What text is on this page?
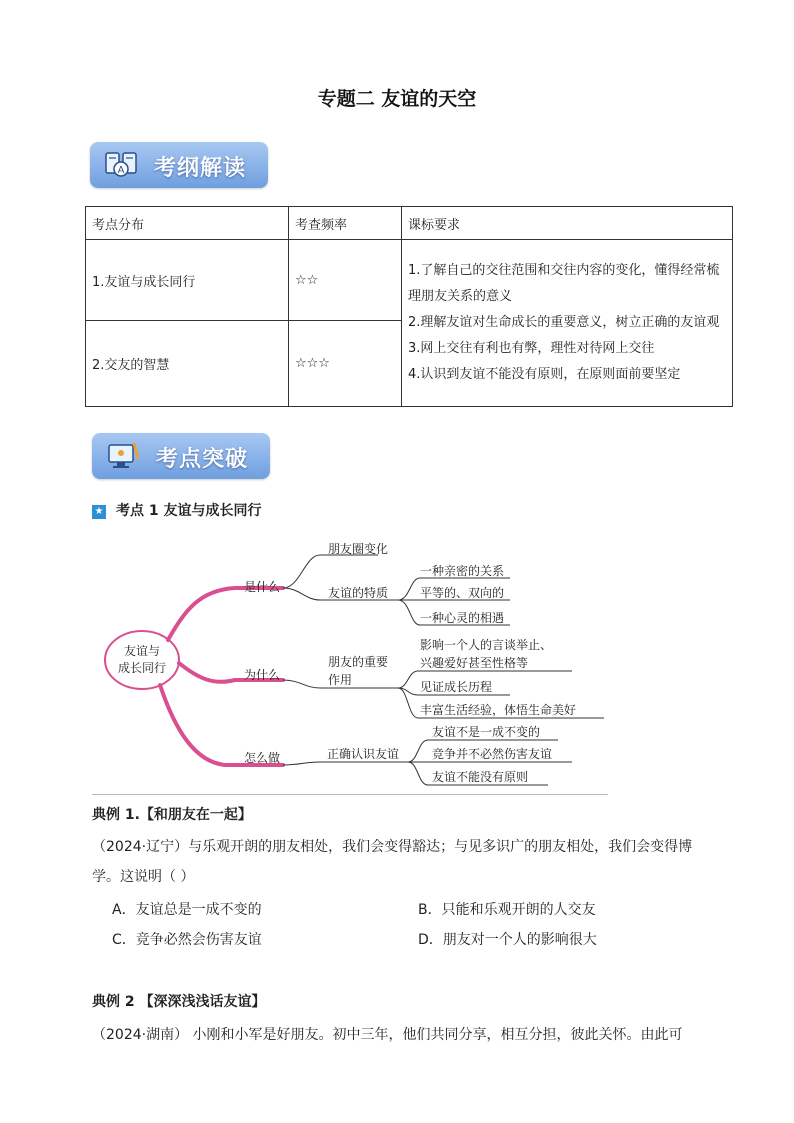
专题二 友谊的天空
A 考纲解读
考点分布	考查频率	课标要求
1.友谊与成长同行	☆☆	1.了解自己的交往范围和交往内容的变化，懂得经常梳理朋友关系的意义
2.理解友谊对生命成长的重要意义，树立正确的友谊观
3.网上交往有利也有弊，理性对待网上交往
4.认识到友谊不能没有原则，在原则面前要坚定

2.交友的智慧	☆☆☆	
考点突破
★ 考点 1 友谊与成长同行
友谊与
成长同行
是什么
为什么
怎么做
朋友圈变化
友谊的特质
一种亲密的关系
平等的、双向的
一种心灵的相遇
朋友的重要
作用
影响一个人的言谈举止、
兴趣爱好甚至性格等
见证成长历程
丰富生活经验，体悟生命美好
正确认识友谊
友谊不是一成不变的
竞争并不必然伤害友谊
友谊不能没有原则
典例 1.【和朋友在一起】
（2024·辽宁）与乐观开朗的朋友相处，我们会变得豁达；与见多识广的朋友相处，我们会变得博
学。这说明（ ）
A．友谊总是一成不变的	B．只能和乐观开朗的人交友
C．竞争必然会伤害友谊	D．朋友对一个人的影响很大
典例 2 【深深浅浅话友谊】
（2024·湖南） 小刚和小军是好朋友。初中三年，他们共同分享，相互分担，彼此关怀。由此可
